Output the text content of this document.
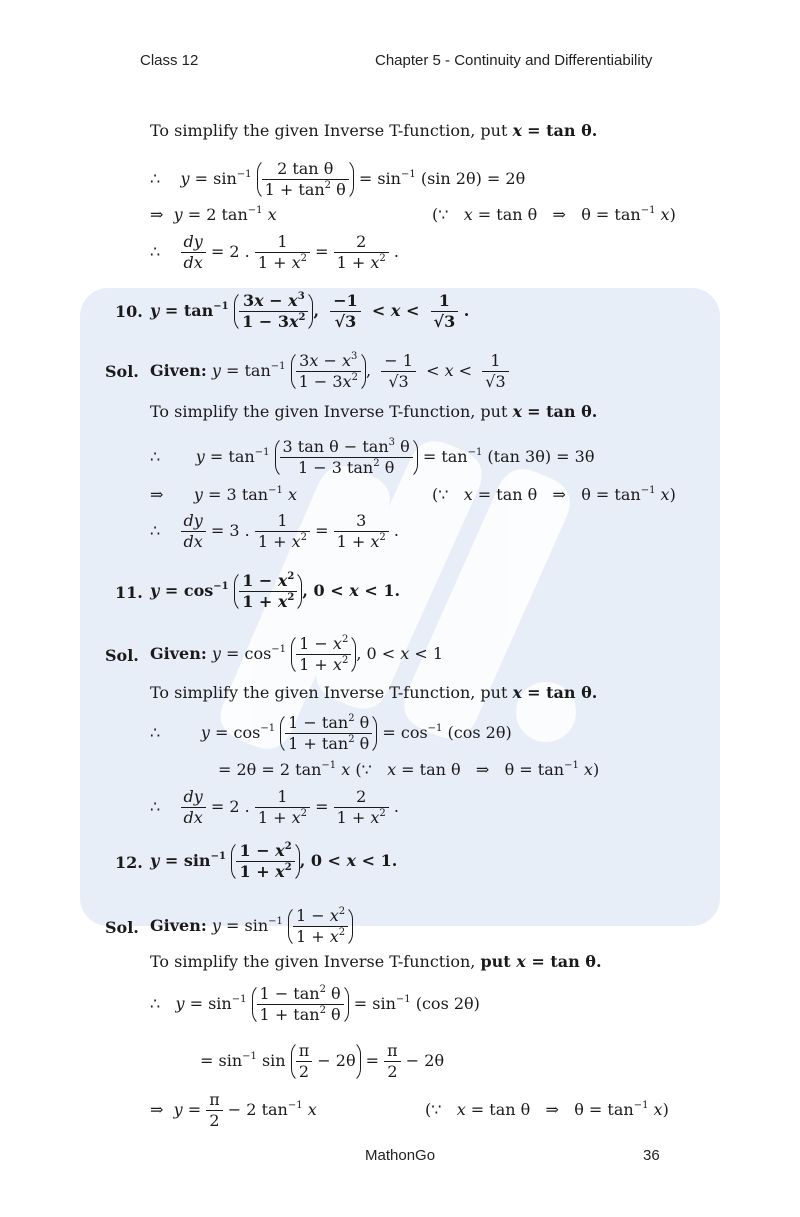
Class 12	Chapter 5 - Continuity and Differentiability
To simplify the given Inverse T-function, put x = tan θ.
∴    $y = \sin^{-1} \frac{\text{2 tan θ}}{1 + \tan^2 \theta} = \sin^{-1} (\sin$ 2θ) = 2θ
⇒  y = 2 $\tan^{-1} x$	(∵   x = tan θ   ⇒   $\theta = \tan^{-1} x$)
∴ $\frac{dy}{dx} = 2$ . $\frac{1}{1 + x^2} = \frac{2}{1 + x^2}$ .
10. $y = \tan^{-1} \frac{3x - x^3}{1 - 3x^2}$ , $\frac{-1}{√3} < x < \frac{1}{√3}$ .
Sol. Given: $y = \tan^{-1} \frac{3x - x^3}{1 - 3x^2}$ , $\frac{- 1}{√3} < x < \frac{1}{√3}$
To simplify the given Inverse T-function, put x = tan θ.
∴       $y = \tan^{-1} \frac{3 \tan \theta - \tan^3 \theta}{1 - 3 \tan^2 \theta} = \tan^{-1} (\tan$ 3θ) = 3θ
⇒      y = 3 $\tan^{-1} x$	(∵   x = tan θ   ⇒   $\theta = \tan^{-1} x$)
∴ $\frac{dy}{dx} = 3$ . $\frac{1}{1 + x^2} = \frac{3}{1 + x^2}$ .
11. $y = \cos^{-1} \frac{1 - x^2}{1 + x^2}$ , 0 < x < 1.
Sol. Given: $y = \cos^{-1} \frac{1 - x^2}{1 + x^2}$ , 0 < x < 1
To simplify the given Inverse T-function, put x = tan θ.
∴        $y = \cos^{-1} \frac{1 - \tan^2 \theta}{1 + \tan^2 \theta} = \cos^{-1} (\cos$ 2θ)
= 2θ = 2 $\tan^{-1} x$ (∵   x = tan θ   ⇒   $\theta = \tan^{-1} x$)
∴ $\frac{dy}{dx} = 2$ . $\frac{1}{1 + x^2} = \frac{2}{1 + x^2}$ .
12. $y = \sin^{-1} \frac{1 - x^2}{1 + x^2}$ , 0 < x < 1.
Sol. Given: $y = \sin^{-1} \frac{1 - x^2}{1 + x^2}$
To simplify the given Inverse T-function, put x = tan θ.
∴   $y = \sin^{-1} \frac{1 - \tan^2 \theta}{1 + \tan^2 \theta} = \sin^{-1} (\cos$ 2θ)
= $\sin^{-1} \sin \frac{\pi}{2} - 2\theta = \frac{\pi}{2} - 2\theta$
⇒  $y = \frac{\pi}{2} - 2$ $\tan^{-1} x$	(∵   x = tan θ   ⇒   $\theta = \tan^{-1} x$)
MathonGo	36
